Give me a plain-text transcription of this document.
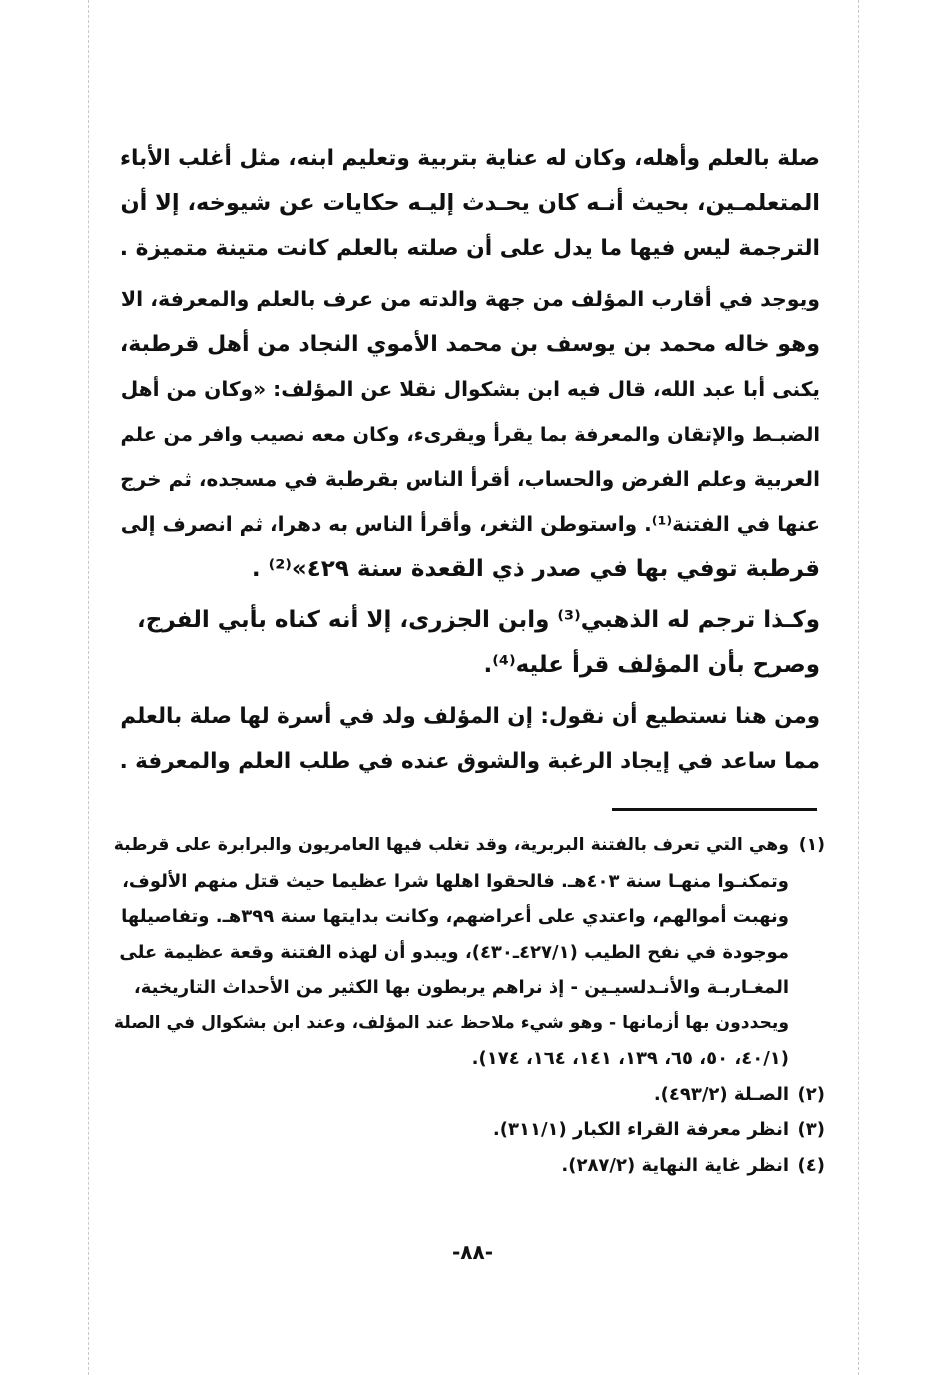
صلة بالعلم وأهله، وكان له عناية بتربية وتعليم ابنه، مثل أغلب الأباء
المتعلمـين، بحيث أنـه كان يحـدث إليـه حكايات عن شيوخه، إلا أن
الترجمة ليس فيها ما يدل على أن صلته بالعلم كانت متينة متميزة .
ويوجد في أقارب المؤلف من جهة والدته من عرف بالعلم والمعرفة، الا
وهو خاله محمد بن يوسف بن محمد الأموي النجاد من أهل قرطبة،
يكنى أبا عبد الله، قال فيه ابن بشكوال نقلا عن المؤلف: «وكان من أهل
الضبـط والإتقان والمعرفة بما يقرأ ويقرىء، وكان معه نصيب وافر من علم
العربية وعلم الفرض والحساب، أقرأ الناس بقرطبة في مسجده، ثم خرج
عنها في الفتنة⁽¹⁾. واستوطن الثغر، وأقرأ الناس به دهرا، ثم انصرف إلى
قرطبة توفي بها في صدر ذي القعدة سنة ٤٢٩»⁽²⁾ .
وكـذا ترجم له الذهبي⁽³⁾ وابن الجزرى، إلا أنه كناه بأبي الفرج،
وصرح بأن المؤلف قرأ عليه⁽⁴⁾.
ومن هنا نستطيع أن نقول: إن المؤلف ولد في أسرة لها صلة بالعلم
مما ساعد في إيجاد الرغبة والشوق عنده في طلب العلم والمعرفة .
(١)وهي التي تعرف بالفتنة البربرية، وقد تغلب فيها العامريون والبرابرة على قرطبة
وتمكنـوا منهـا سنة ٤٠٣هـ. فالحقوا اهلها شرا عظيما حيث قتل منهم الألوف،
ونهبت أموالهم، واعتدي على أعراضهم، وكانت بدايتها سنة ٣٩٩هـ. وتفاصيلها
موجودة في نفح الطيب (٤٢٧/١ـ٤٣٠)، ويبدو أن لهذه الفتنة وقعة عظيمة على
المغـاربـة والأنـدلسيـين - إذ نراهم يربطون بها الكثير من الأحداث التاريخية،
ويحددون بها أزمانها - وهو شيء ملاحظ عند المؤلف، وعند ابن بشكوال في الصلة
(٤٠/١، ٥٠، ٦٥، ١٣٩، ١٤١، ١٦٤، ١٧٤).
(٢)الصـلة (٤٩٣/٢).
(٣)انظر معرفة القراء الكبار (٣١١/١).
(٤)انظر غاية النهاية (٢٨٧/٢).
-٨٨-
